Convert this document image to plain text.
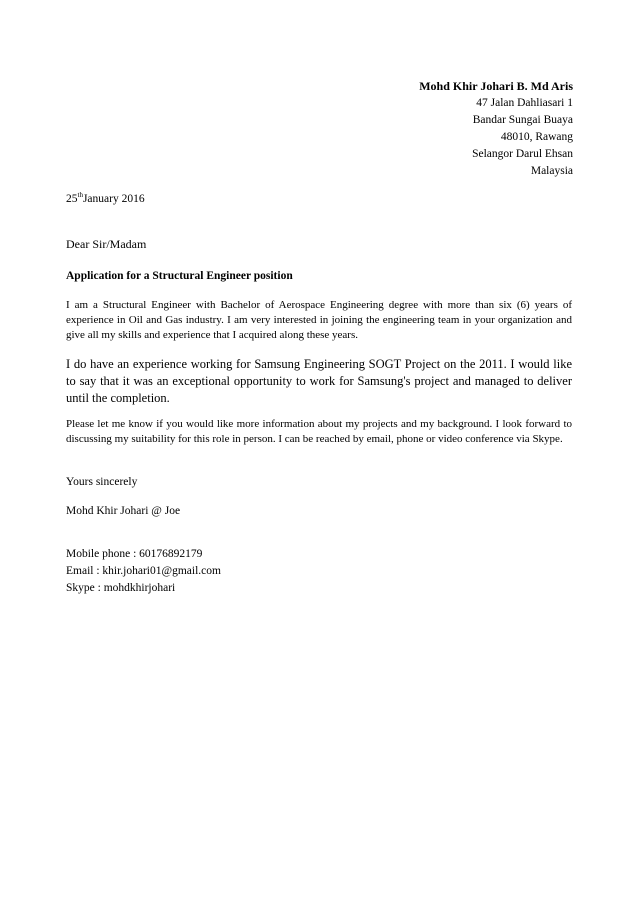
Mohd Khir Johari B. Md Aris
47 Jalan Dahliasari 1
Bandar Sungai Buaya
48010, Rawang
Selangor Darul Ehsan
Malaysia
25thJanuary 2016
Dear Sir/Madam
Application for a Structural Engineer position
I am a Structural Engineer with Bachelor of Aerospace Engineering degree with more than six (6) years of experience in Oil and Gas industry. I am very interested in joining the engineering team in your organization and give all my skills and experience that I acquired along these years.
I do have an experience working for Samsung Engineering SOGT Project on the 2011. I would like to say that it was an exceptional opportunity to work for Samsung's project and managed to deliver until the completion.
Please let me know if you would like more information about my projects and my background. I look forward to discussing my suitability for this role in person. I can be reached by email, phone or video conference via Skype.
Yours sincerely
Mohd Khir Johari @ Joe
Mobile phone : 60176892179
Email : khir.johari01@gmail.com
Skype : mohdkhirjohari
